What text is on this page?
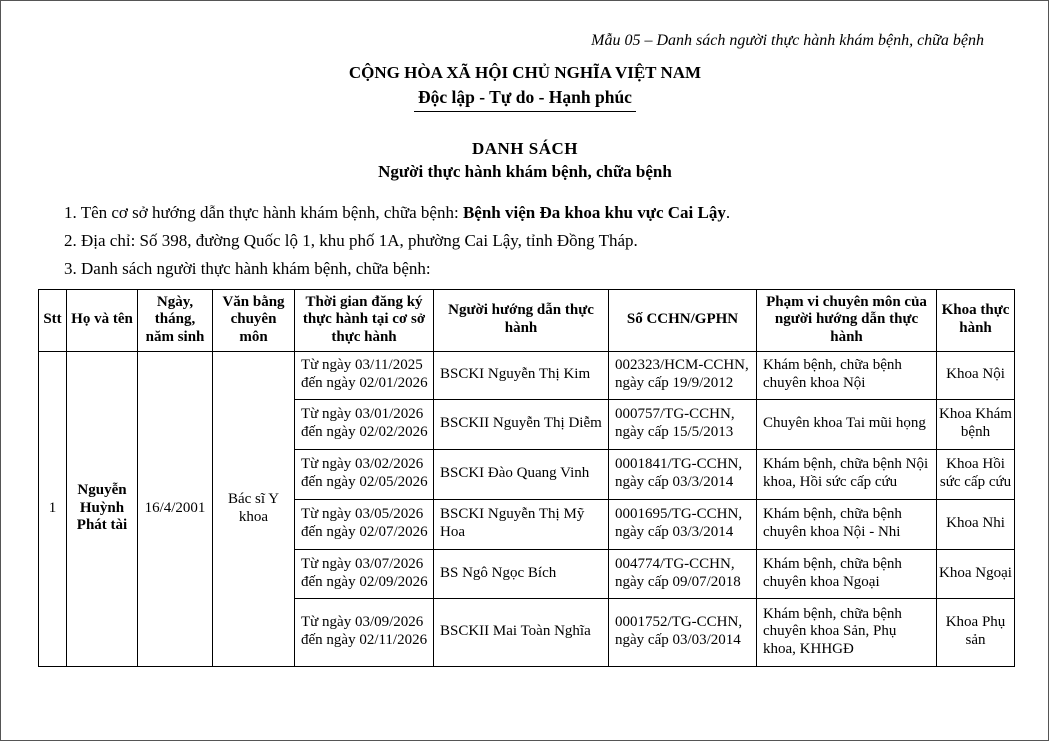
Mẫu 05 – Danh sách người thực hành khám bệnh, chữa bệnh
CỘNG HÒA XÃ HỘI CHỦ NGHĨA VIỆT NAM
Độc lập - Tự do - Hạnh phúc
DANH SÁCH
Người thực hành khám bệnh, chữa bệnh

1. Tên cơ sở hướng dẫn thực hành khám bệnh, chữa bệnh: Bệnh viện Đa khoa khu vực Cai Lậy.

2. Địa chỉ: Số 398, đường Quốc lộ 1, khu phố 1A, phường Cai Lậy, tỉnh Đồng Tháp.

3. Danh sách người thực hành khám bệnh, chữa bệnh:

Stt	Họ và tên	Ngày, tháng, năm sinh	Văn bằng chuyên môn	Thời gian đăng ký thực hành tại cơ sở thực hành	Người hướng dẫn thực hành	Số CCHN/GPHN	Phạm vi chuyên môn của người hướng dẫn thực hành	Khoa thực hành
1	Nguyễn Huỳnh Phát tài	16/4/2001	Bác sĩ Y khoa	Từ ngày 03/11/2025 đến ngày 02/01/2026	BSCKI Nguyễn Thị Kim	002323/HCM-CCHN, ngày cấp 19/9/2012	Khám bệnh, chữa bệnh chuyên khoa Nội	Khoa Nội
				Từ ngày 03/01/2026 đến ngày 02/02/2026	BSCKII Nguyễn Thị Diễm	000757/TG-CCHN, ngày cấp 15/5/2013	Chuyên khoa Tai mũi họng	Khoa Khám bệnh
				Từ ngày 03/02/2026 đến ngày 02/05/2026	BSCKI Đào Quang Vinh	0001841/TG-CCHN, ngày cấp 03/3/2014	Khám bệnh, chữa bệnh Nội khoa, Hồi sức cấp cứu	Khoa Hồi sức cấp cứu
				Từ ngày 03/05/2026 đến ngày 02/07/2026	BSCKI Nguyễn Thị Mỹ Hoa	0001695/TG-CCHN, ngày cấp 03/3/2014	Khám bệnh, chữa bệnh chuyên khoa Nội - Nhi	Khoa Nhi
				Từ ngày 03/07/2026 đến ngày 02/09/2026	BS Ngô Ngọc Bích	004774/TG-CCHN, ngày cấp 09/07/2018	Khám bệnh, chữa bệnh chuyên khoa Ngoại	Khoa Ngoại
				Từ ngày 03/09/2026 đến ngày 02/11/2026	BSCKII Mai Toàn Nghĩa	0001752/TG-CCHN, ngày cấp 03/03/2014	Khám bệnh, chữa bệnh chuyên khoa Sản, Phụ khoa, KHHGĐ	Khoa Phụ sản
